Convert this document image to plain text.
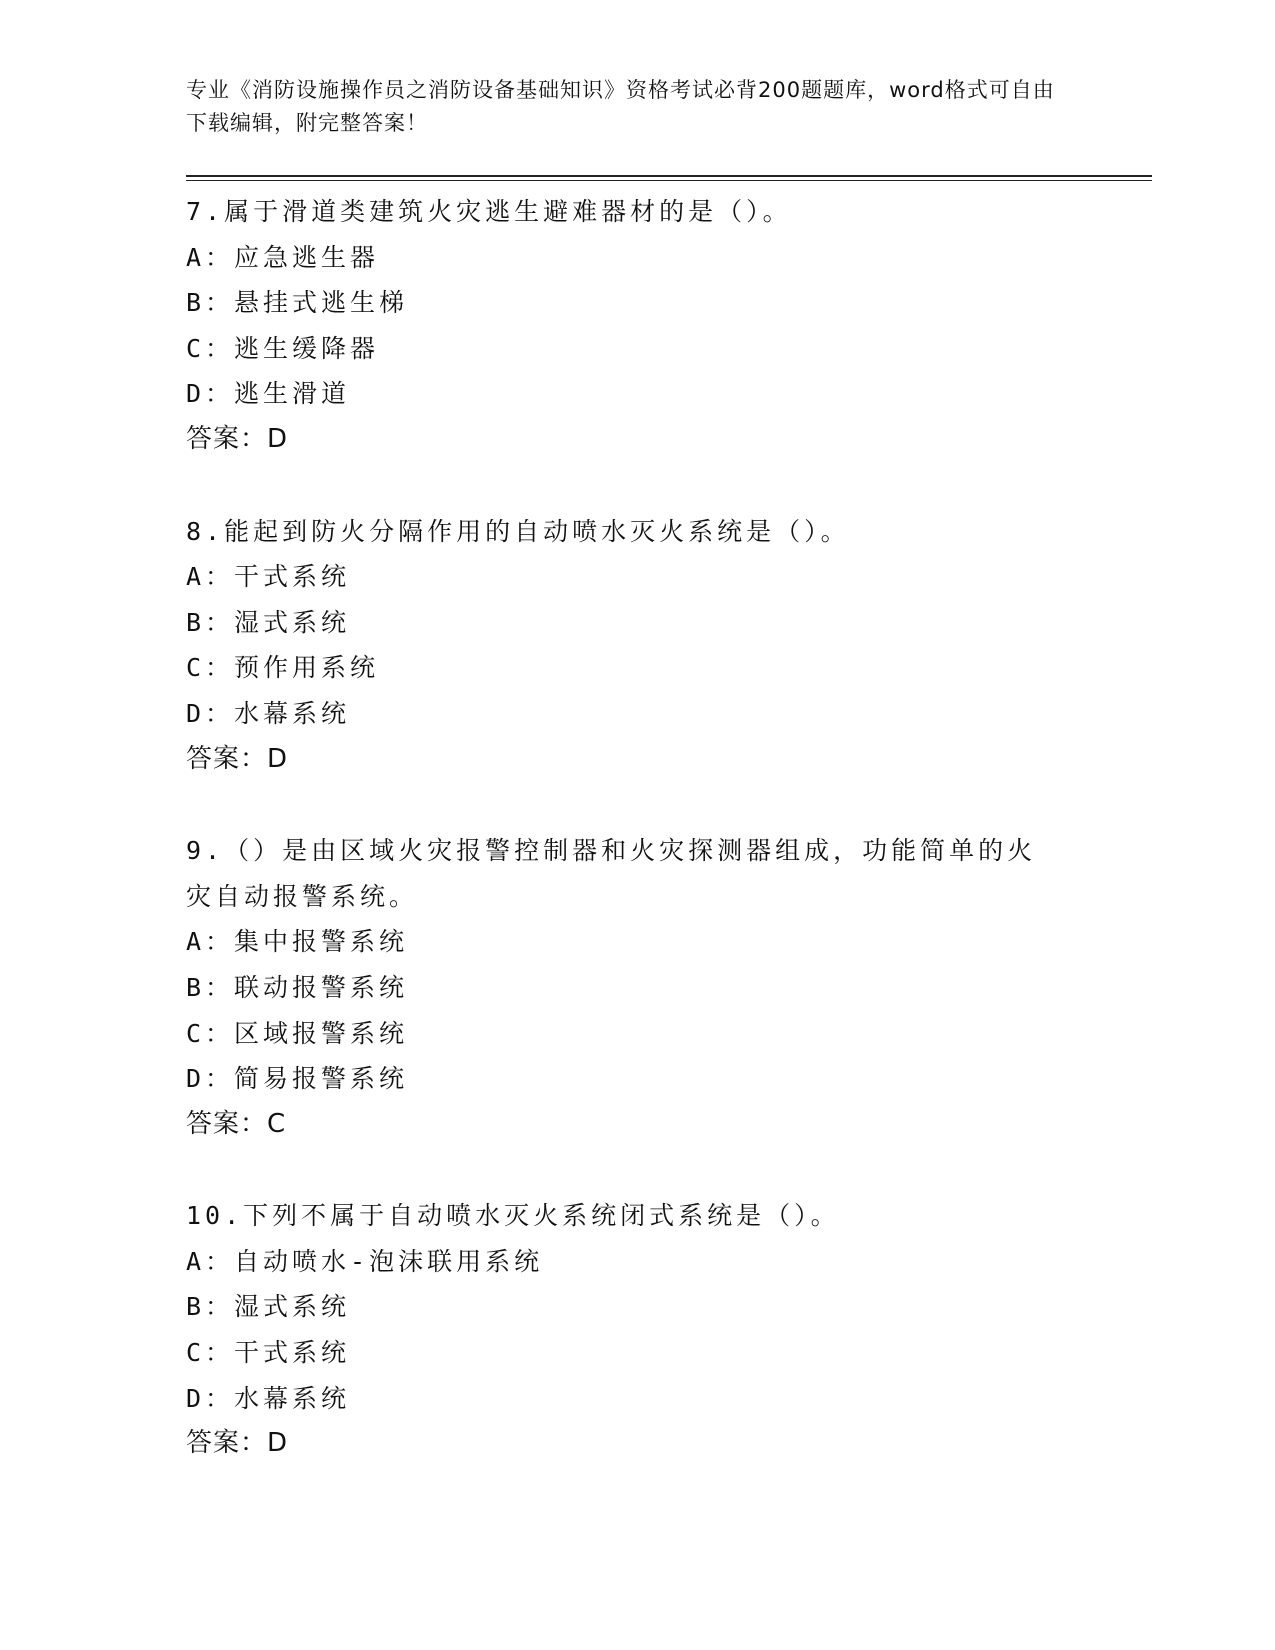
专业《消防设施操作员之消防设备基础知识》资格考试必背200题题库，word格式可自由下载编辑，附完整答案！
7.属于滑道类建筑火灾逃生避难器材的是（）。
A：应急逃生器
B：悬挂式逃生梯
C：逃生缓降器
D：逃生滑道
答案：D
8.能起到防火分隔作用的自动喷水灭火系统是（）。
A：干式系统
B：湿式系统
C：预作用系统
D：水幕系统
答案：D
9.（）是由区域火灾报警控制器和火灾探测器组成，功能简单的火灾自动报警系统。
A：集中报警系统
B：联动报警系统
C：区域报警系统
D：简易报警系统
答案：C
10.下列不属于自动喷水灭火系统闭式系统是（）。
A：自动喷水-泡沫联用系统
B：湿式系统
C：干式系统
D：水幕系统
答案：D
